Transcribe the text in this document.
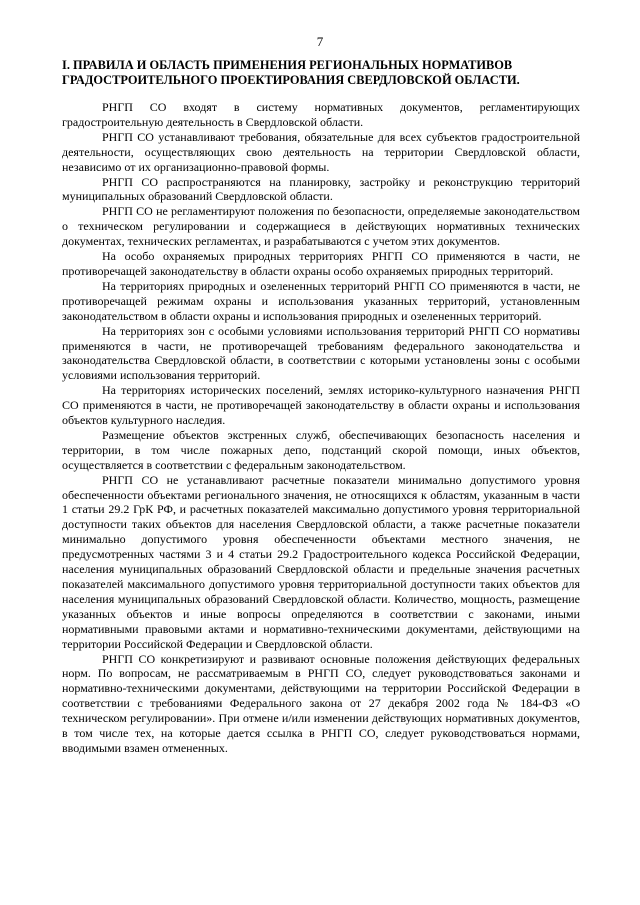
7
I. ПРАВИЛА И ОБЛАСТЬ ПРИМЕНЕНИЯ РЕГИОНАЛЬНЫХ НОРМАТИВОВ ГРАДОСТРОИТЕЛЬНОГО ПРОЕКТИРОВАНИЯ СВЕРДЛОВСКОЙ ОБЛАСТИ.

РНГП СО входят в систему нормативных документов, регламентирующих градостроительную деятельность в Свердловской области.

РНГП СО устанавливают требования, обязательные для всех субъектов градостроительной деятельности, осуществляющих свою деятельность на территории Свердловской области, независимо от их организационно-правовой формы.

РНГП СО распространяются на планировку, застройку и реконструкцию территорий муниципальных образований Свердловской области.

РНГП СО не регламентируют положения по безопасности, определяемые законодательством о техническом регулировании и содержащиеся в действующих нормативных технических документах, технических регламентах, и разрабатываются с учетом этих документов.

На особо охраняемых природных территориях РНГП СО применяются в части, не противоречащей законодательству в области охраны особо охраняемых природных территорий.

На территориях природных и озелененных территорий РНГП СО применяются в части, не противоречащей режимам охраны и использования указанных территорий, установленным законодательством в области охраны и использования природных и озелененных территорий.

На территориях зон с особыми условиями использования территорий РНГП СО нормативы применяются в части, не противоречащей требованиям федерального законодательства и законодательства Свердловской области, в соответствии с которыми установлены зоны с особыми условиями использования территорий.

На территориях исторических поселений, землях историко-культурного назначения РНГП СО применяются в части, не противоречащей законодательству в области охраны и использования объектов культурного наследия.

Размещение объектов экстренных служб, обеспечивающих безопасность населения и территории, в том числе пожарных депо, подстанций скорой помощи, иных объектов, осуществляется в соответствии с федеральным законодательством.

РНГП СО не устанавливают расчетные показатели минимально допустимого уровня обеспеченности объектами регионального значения, не относящихся к областям, указанным в части 1 статьи 29.2 ГрК РФ, и расчетных показателей максимально допустимого уровня территориальной доступности таких объектов для населения Свердловской области, а также расчетные показатели минимально допустимого уровня обеспеченности объектами местного значения, не предусмотренных частями 3 и 4 статьи 29.2 Градостроительного кодекса Российской Федерации, населения муниципальных образований Свердловской области и предельные значения расчетных показателей максимального допустимого уровня территориальной доступности таких объектов для населения муниципальных образований Свердловской области. Количество, мощность, размещение указанных объектов и иные вопросы определяются в соответствии с законами, иными нормативными правовыми актами и нормативно-техническими документами, действующими на территории Российской Федерации и Свердловской области.

РНГП СО конкретизируют и развивают основные положения действующих федеральных норм. По вопросам, не рассматриваемым в РНГП СО, следует руководствоваться законами и нормативно-техническими документами, действующими на территории Российской Федерации в соответствии с требованиями Федерального закона от 27 декабря 2002 года № 184-ФЗ «О техническом регулировании». При отмене и/или изменении действующих нормативных документов, в том числе тех, на которые дается ссылка в РНГП СО, следует руководствоваться нормами, вводимыми взамен отмененных.
